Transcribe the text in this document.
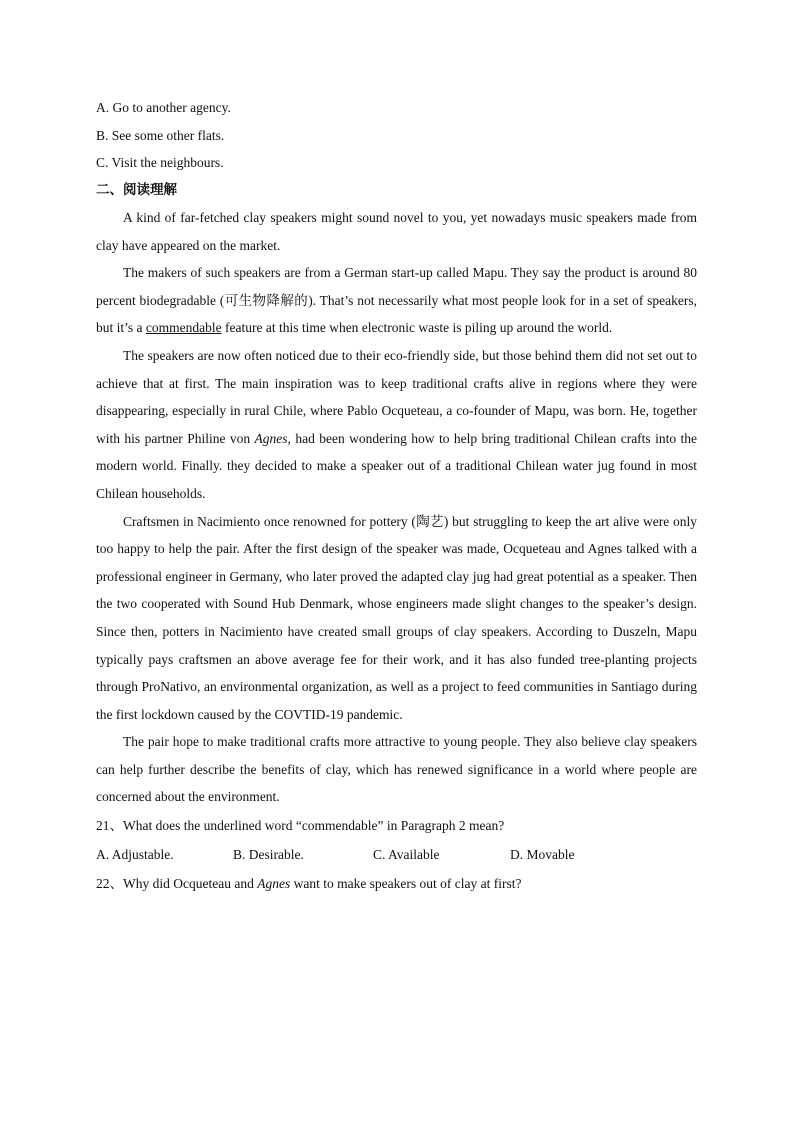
A. Go to another agency.
B. See some other flats.
C. Visit the neighbours.
二、阅读理解

A kind of far-fetched clay speakers might sound novel to you, yet nowadays music speakers made from clay have appeared on the market.

The makers of such speakers are from a German start-up called Mapu. They say the product is around 80 percent biodegradable (可生物降解的). That’s not necessarily what most people look for in a set of speakers, but it’s a commendable feature at this time when electronic waste is piling up around the world.

The speakers are now often noticed due to their eco-friendly side, but those behind them did not set out to achieve that at first. The main inspiration was to keep traditional crafts alive in regions where they were disappearing, especially in rural Chile, where Pablo Ocqueteau, a co-founder of Mapu, was born. He, together with his partner Philine von Agnes, had been wondering how to help bring traditional Chilean crafts into the modern world. Finally. they decided to make a speaker out of a traditional Chilean water jug found in most Chilean households.

Craftsmen in Nacimiento once renowned for pottery (陶艺) but struggling to keep the art alive were only too happy to help the pair. After the first design of the speaker was made, Ocqueteau and Agnes talked with a professional engineer in Germany, who later proved the adapted clay jug had great potential as a speaker. Then the two cooperated with Sound Hub Denmark, whose engineers made slight changes to the speaker’s design. Since then, potters in Nacimiento have created small groups of clay speakers. According to Duszeln, Mapu typically pays craftsmen an above average fee for their work, and it has also funded tree-planting projects through ProNativo, an environmental organization, as well as a project to feed communities in Santiago during the first lockdown caused by the COVTID-19 pandemic.

The pair hope to make traditional crafts more attractive to young people. They also believe clay speakers can help further describe the benefits of clay, which has renewed significance in a world where people are concerned about the environment.

21、What does the underlined word “commendable” in Paragraph 2 mean?
A. Adjustable.	B. Desirable.	C. Available	D. Movable
22、Why did Ocqueteau and Agnes want to make speakers out of clay at first?
